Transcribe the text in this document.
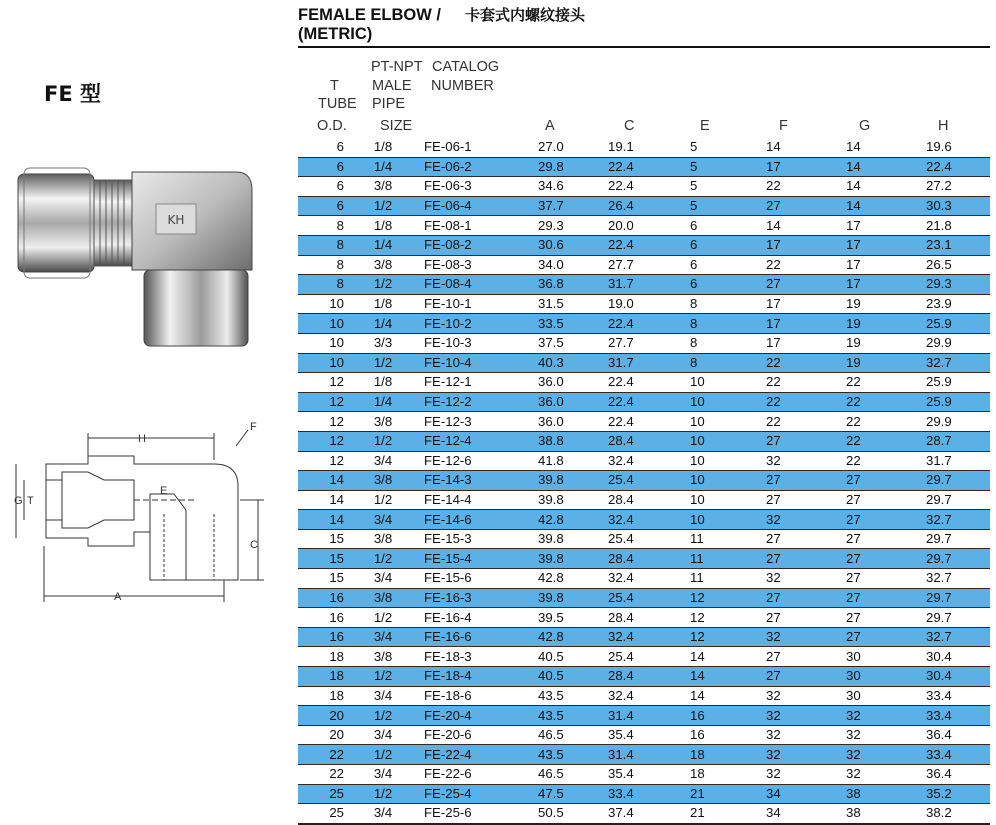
FE 型
KH
H
F
G T
E
C
A
FEMALE ELBOW / 卡套式内螺纹接头
(METRIC)
T
TUBE
O.D.
PT-NPT
MALE
PIPE
SIZE
CATALOG
NUMBER
A	C	E	F	G	H
6	1/8	FE-06-1	27.0	19.1	5	14	14	19.6
6	1/4	FE-06-2	29.8	22.4	5	17	14	22.4
6	3/8	FE-06-3	34.6	22.4	5	22	14	27.2
6	1/2	FE-06-4	37.7	26.4	5	27	14	30.3
8	1/8	FE-08-1	29.3	20.0	6	14	17	21.8
8	1/4	FE-08-2	30.6	22.4	6	17	17	23.1
8	3/8	FE-08-3	34.0	27.7	6	22	17	26.5
8	1/2	FE-08-4	36.8	31.7	6	27	17	29.3
10	1/8	FE-10-1	31.5	19.0	8	17	19	23.9
10	1/4	FE-10-2	33.5	22.4	8	17	19	25.9
10	3/3	FE-10-3	37.5	27.7	8	17	19	29.9
10	1/2	FE-10-4	40.3	31.7	8	22	19	32.7
12	1/8	FE-12-1	36.0	22.4	10	22	22	25.9
12	1/4	FE-12-2	36.0	22.4	10	22	22	25.9
12	3/8	FE-12-3	36.0	22.4	10	22	22	29.9
12	1/2	FE-12-4	38.8	28.4	10	27	22	28.7
12	3/4	FE-12-6	41.8	32.4	10	32	22	31.7
14	3/8	FE-14-3	39.8	25.4	10	27	27	29.7
14	1/2	FE-14-4	39.8	28.4	10	27	27	29.7
14	3/4	FE-14-6	42.8	32.4	10	32	27	32.7
15	3/8	FE-15-3	39.8	25.4	11	27	27	29.7
15	1/2	FE-15-4	39.8	28.4	11	27	27	29.7
15	3/4	FE-15-6	42.8	32.4	11	32	27	32.7
16	3/8	FE-16-3	39.8	25.4	12	27	27	29.7
16	1/2	FE-16-4	39.5	28.4	12	27	27	29.7
16	3/4	FE-16-6	42.8	32.4	12	32	27	32.7
18	3/8	FE-18-3	40.5	25.4	14	27	30	30.4
18	1/2	FE-18-4	40.5	28.4	14	27	30	30.4
18	3/4	FE-18-6	43.5	32.4	14	32	30	33.4
20	1/2	FE-20-4	43.5	31.4	16	32	32	33.4
20	3/4	FE-20-6	46.5	35.4	16	32	32	36.4
22	1/2	FE-22-4	43.5	31.4	18	32	32	33.4
22	3/4	FE-22-6	46.5	35.4	18	32	32	36.4
25	1/2	FE-25-4	47.5	33.4	21	34	38	35.2
25	3/4	FE-25-6	50.5	37.4	21	34	38	38.2
